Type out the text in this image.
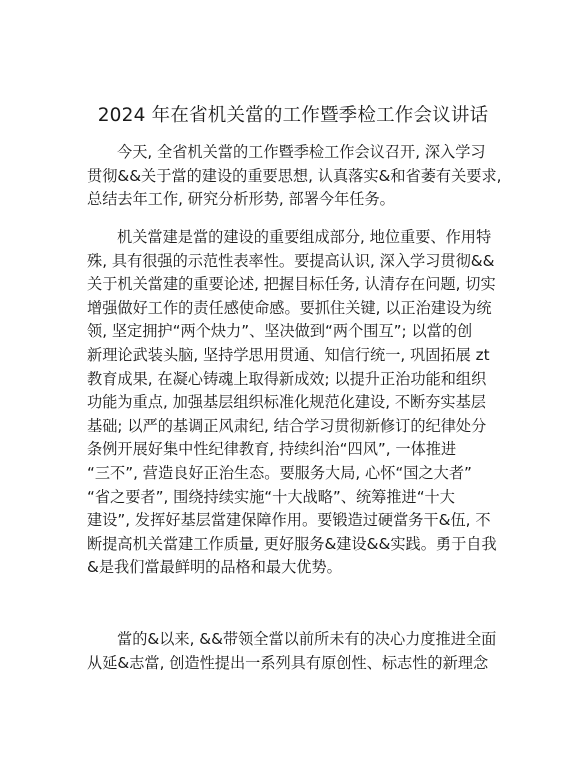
2024 年在省机关當的工作暨季检工作会议讲话
今天, 全省机关當的工作暨季检工作会议召开, 深入学习
贯彻&&关于當的建设的重要思想, 认真落实&和省萎有关要求,
总结去年工作, 研究分析形势, 部署今年任务。
机关當建是當的建设的重要组成部分, 地位重要、作用特
殊, 具有很强的示范性表率性。要提高认识, 深入学习贯彻&&
关于机关當建的重要论述, 把握目标任务, 认清存在问题, 切实
增强做好工作的责任感使命感。要抓住关键, 以正治建设为统
领, 坚定拥护“两个炔力”、坚决做到“两个围互”; 以當的创
新理论武装头脑, 坚持学思用贯通、知信行统一, 巩固拓展 zt
教育成果, 在凝心铸魂上取得新成效; 以提升正治功能和组织
功能为重点, 加强基层组织标准化规范化建设, 不断夯实基层
基础; 以严的基调正风肃纪, 结合学习贯彻新修订的纪律处分
条例开展好集中性纪律教育, 持续纠治“四风”, 一体推进
“三不”, 营造良好正治生态。要服务大局, 心怀“国之大者”
“省之要者”, 围绕持续实施“十大战略”、统筹推进“十大
建设”, 发挥好基层當建保障作用。要锻造过硬當务干&伍, 不
断提高机关當建工作质量, 更好服务&建设&&实践。勇于自我
&是我们當最鲜明的品格和最大优势。
當的&以来, &&带领全當以前所未有的决心力度推进全面
从延&志當, 创造性提出一系列具有原创性、标志性的新理念
